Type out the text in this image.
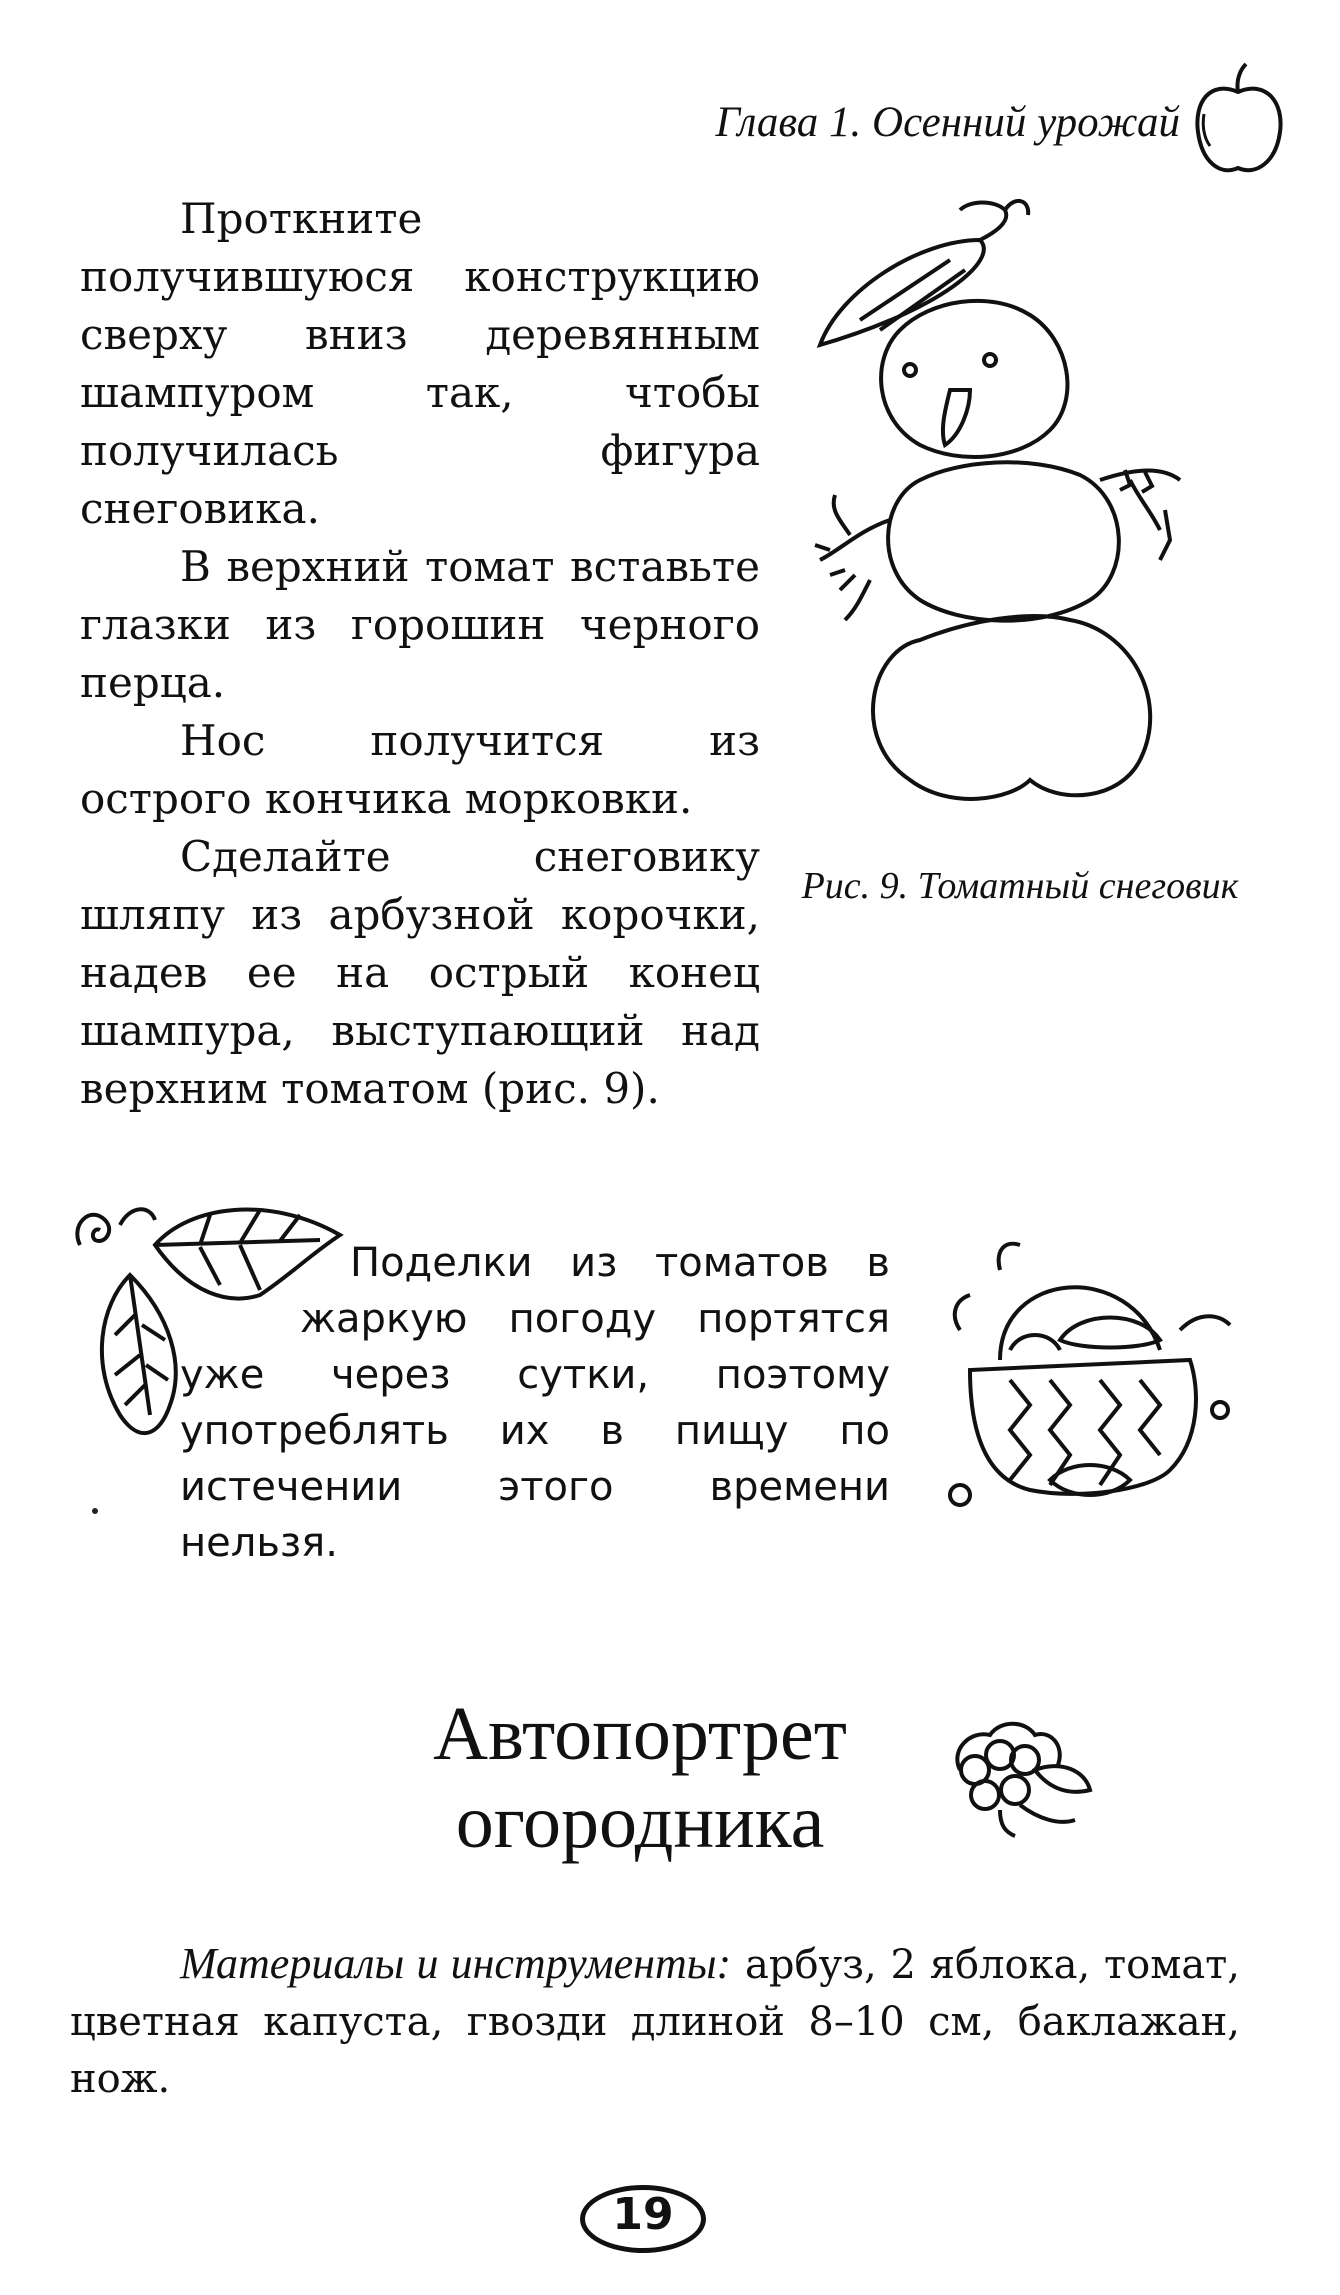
Глава 1. Осенний урожай

Проткните получившуюся конструкцию сверху вниз деревянным шампуром так, чтобы получилась фигура снеговика.

В верхний томат вставьте глазки из горошин черного перца.

Нос получится из острого кончика морковки.

Сделайте снеговику шляпу из арбузной корочки, надев ее на острый конец шампура, выступающий над верхним томатом (рис. 9).

Рис. 9. Томатный снеговик
Поделки из томатов в жаркую погоду портятся уже через сутки, поэтому употреблять их в пищу по истечении этого времени нельзя.
Автопортрет
огородника

Материалы и инструменты: арбуз, 2 яблока, томат, цветная капуста, гвозди длиной 8–10 см, баклажан, нож.

19
